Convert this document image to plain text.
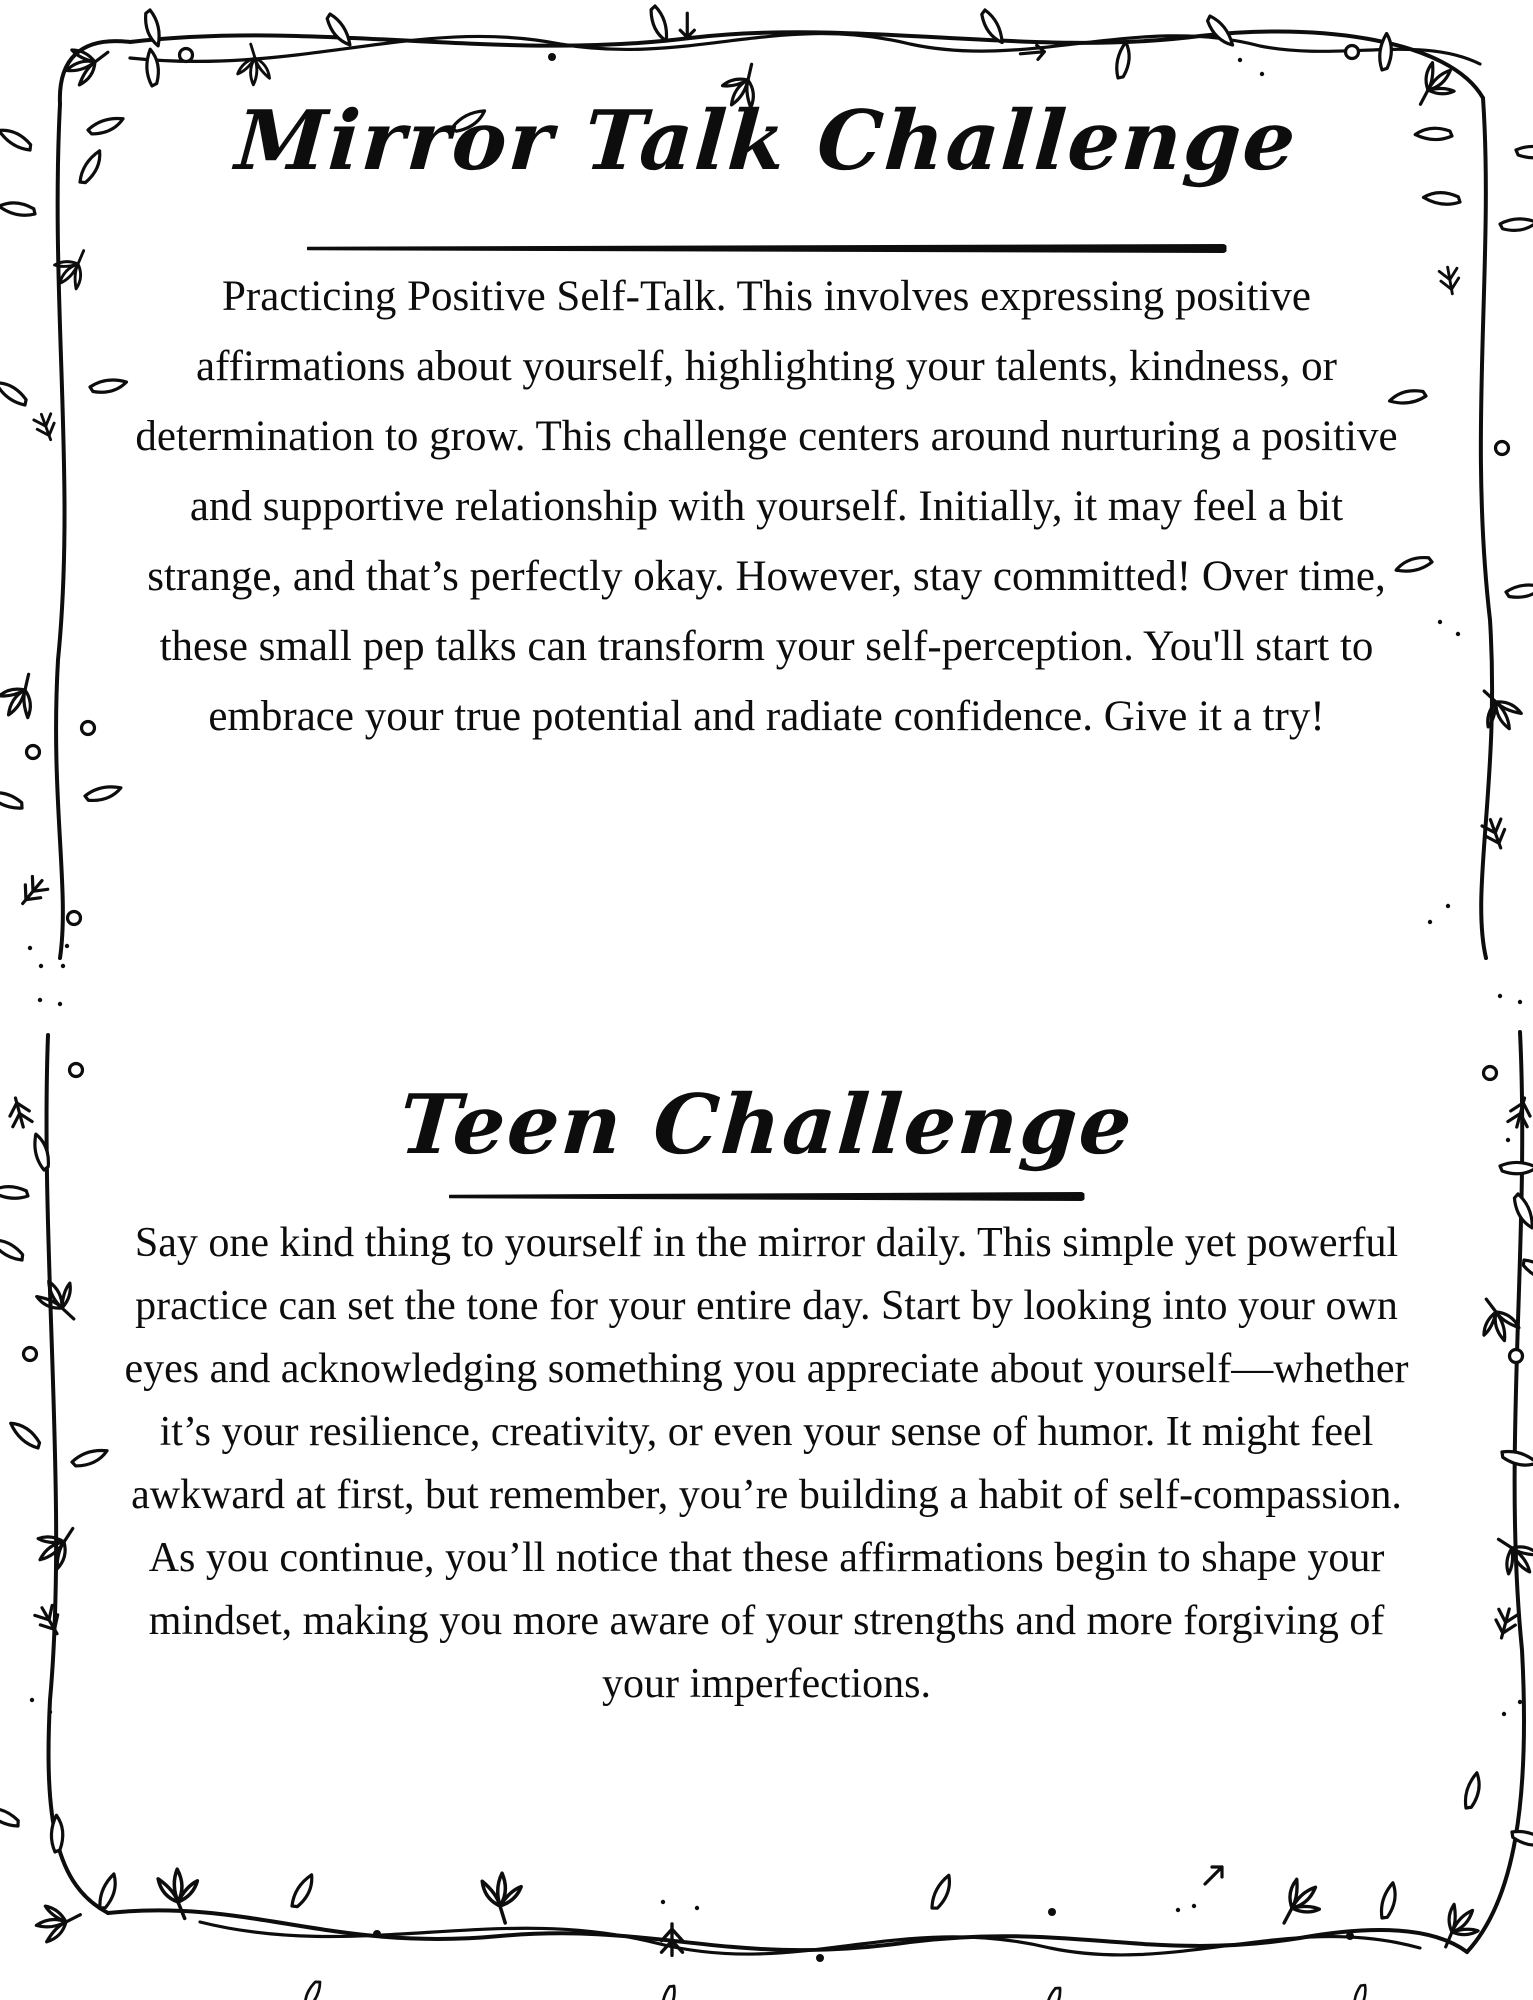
Mirror Talk Challenge
Practicing Positive Self-Talk. This involves expressing positive affirmations about yourself, highlighting your talents, kindness, or determination to grow. This challenge centers around nurturing a positive and supportive relationship with yourself. Initially, it may feel a bit strange, and that’s perfectly okay. However, stay committed! Over time, these small pep talks can transform your self-perception. You'll start to embrace your true potential and radiate confidence. Give it a try!
Teen Challenge
Say one kind thing to yourself in the mirror daily. This simple yet powerful practice can set the tone for your entire day. Start by looking into your own eyes and acknowledging something you appreciate about yourself—whether it’s your resilience, creativity, or even your sense of humor. It might feel awkward at first, but remember, you’re building a habit of self-compassion. As you continue, you’ll notice that these affirmations begin to shape your mindset, making you more aware of your strengths and more forgiving of your imperfections.
